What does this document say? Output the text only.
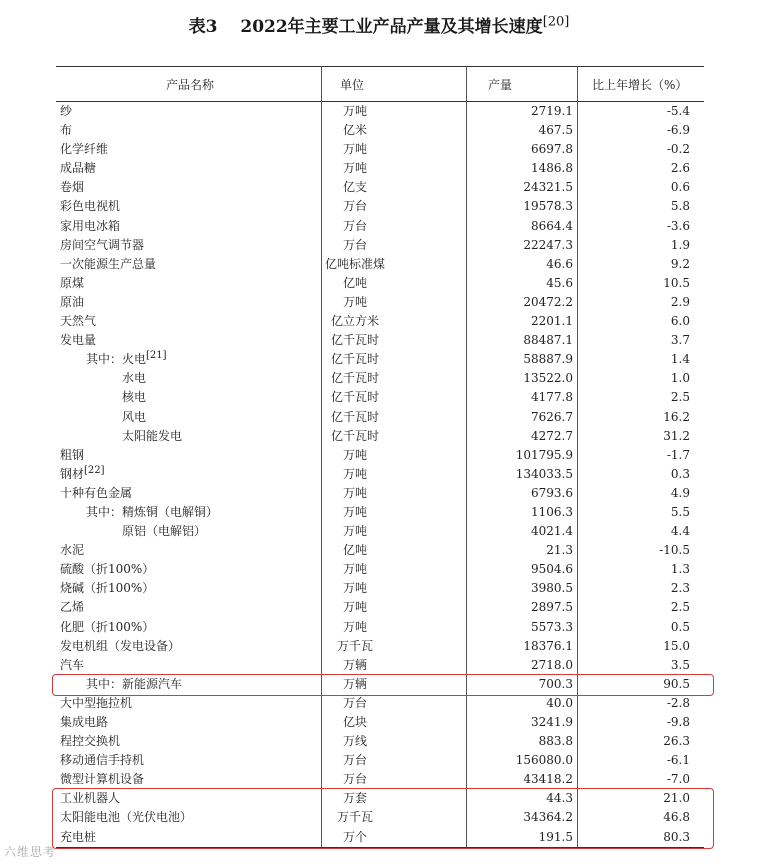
表3　 2022年主要工业产品产量及其增长速度[20]
产品名称	单位	产量	比上年增长（%）
纱	万吨	2719.1	-5.4
布	亿米	467.5	-6.9
化学纤维	万吨	6697.8	-0.2
成品糖	万吨	1486.8	2.6
卷烟	亿支	24321.5	0.6
彩色电视机	万台	19578.3	5.8
家用电冰箱	万台	8664.4	-3.6
房间空气调节器	万台	22247.3	1.9
一次能源生产总量	亿吨标准煤	46.6	9.2
原煤	亿吨	45.6	10.5
原油	万吨	20472.2	2.9
天然气	亿立方米	2201.1	6.0
发电量	亿千瓦时	88487.1	3.7
其中：火电[21]	亿千瓦时	58887.9	1.4
水电	亿千瓦时	13522.0	1.0
核电	亿千瓦时	4177.8	2.5
风电	亿千瓦时	7626.7	16.2
太阳能发电	亿千瓦时	4272.7	31.2
粗钢	万吨	101795.9	-1.7
钢材[22]	万吨	134033.5	0.3
十种有色金属	万吨	6793.6	4.9
其中：精炼铜（电解铜）	万吨	1106.3	5.5
原铝（电解铝）	万吨	4021.4	4.4
水泥	亿吨	21.3	-10.5
硫酸（折100%）	万吨	9504.6	1.3
烧碱（折100%）	万吨	3980.5	2.3
乙烯	万吨	2897.5	2.5
化肥（折100%）	万吨	5573.3	0.5
发电机组（发电设备）	万千瓦	18376.1	15.0
汽车	万辆	2718.0	3.5
其中：新能源汽车	万辆	700.3	90.5
大中型拖拉机	万台	40.0	-2.8
集成电路	亿块	3241.9	-9.8
程控交换机	万线	883.8	26.3
移动通信手持机	万台	156080.0	-6.1
微型计算机设备	万台	43418.2	-7.0
工业机器人	万套	44.3	21.0
太阳能电池（光伏电池）	万千瓦	34364.2	46.8
充电桩	万个	191.5	80.3
六维思考
